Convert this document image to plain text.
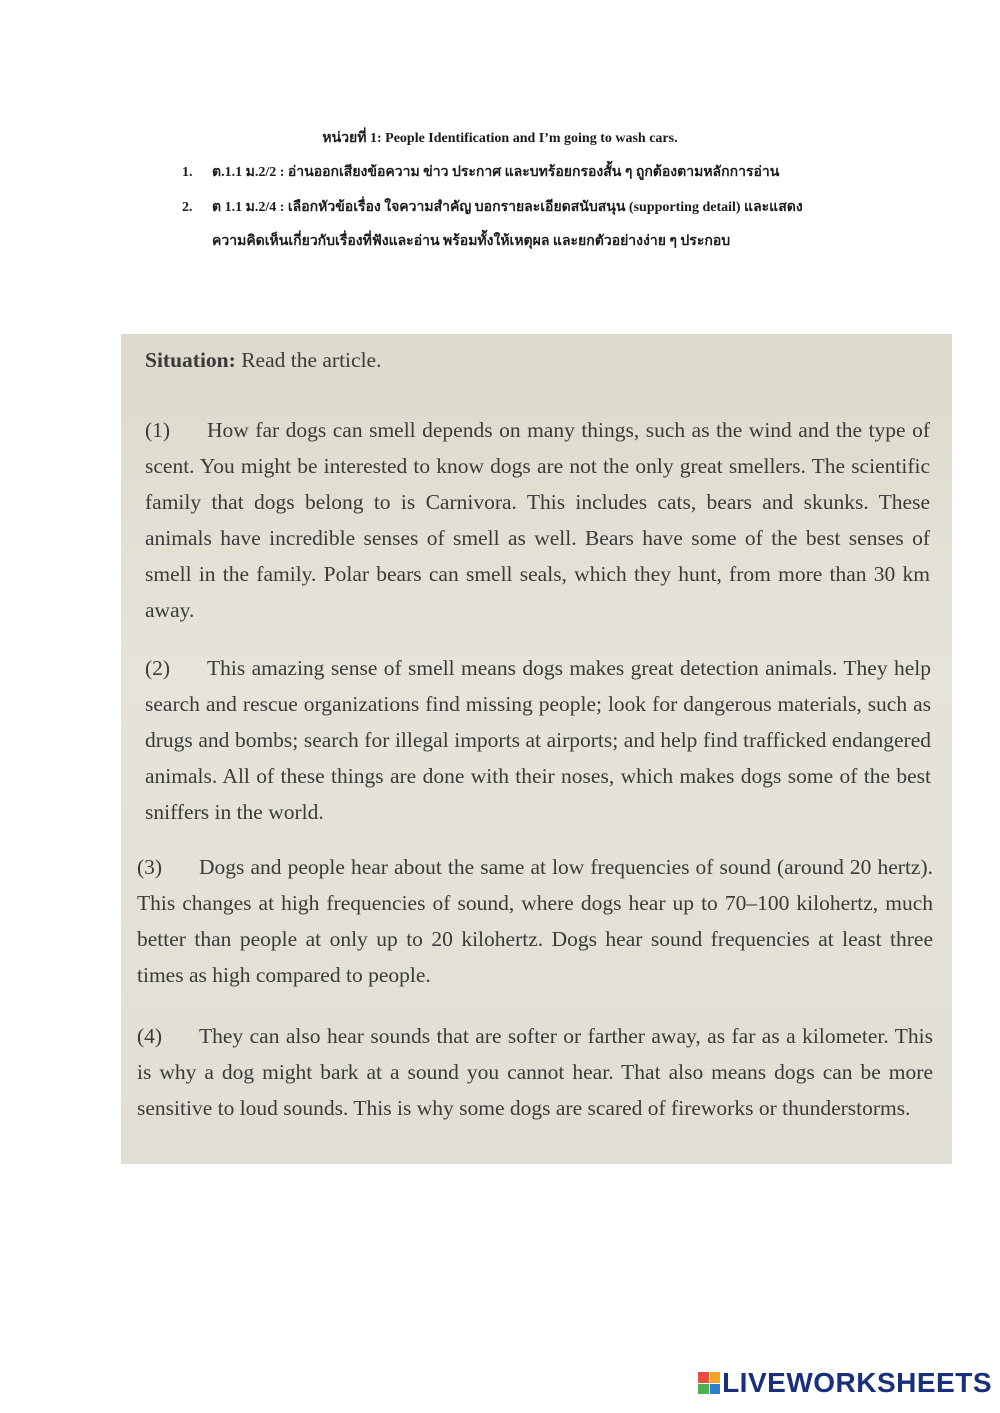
หน่วยที่ 1: People Identification and I’m going to wash cars.
1. ต.1.1 ม.2/2 : อ่านออกเสียงข้อความ ข่าว ประกาศ และบทร้อยกรองสั้น ๆ ถูกต้องตามหลักการอ่าน
2. ต 1.1 ม.2/4 : เลือกหัวข้อเรื่อง ใจความสำคัญ บอกรายละเอียดสนับสนุน (supporting detail) และแสดง
ความคิดเห็นเกี่ยวกับเรื่องที่ฟังและอ่าน พร้อมทั้งให้เหตุผล และยกตัวอย่างง่าย ๆ ประกอบ
Situation: Read the article.
(1) How far dogs can smell depends on many things, such as the wind and the type of scent. You might be interested to know dogs are not the only great smellers. The scientific family that dogs belong to is Carnivora. This includes cats, bears and skunks. These animals have incredible senses of smell as well. Bears have some of the best senses of smell in the family. Polar bears can smell seals, which they hunt, from more than 30 km away.
(2) This amazing sense of smell means dogs makes great detection animals. They help search and rescue organizations find missing people; look for dangerous materials, such as drugs and bombs; search for illegal imports at airports; and help find trafficked endangered animals. All of these things are done with their noses, which makes dogs some of the best sniffers in the world.
(3) Dogs and people hear about the same at low frequencies of sound (around 20 hertz). This changes at high frequencies of sound, where dogs hear up to 70–100 kilohertz, much better than people at only up to 20 kilohertz. Dogs hear sound frequencies at least three times as high compared to people.
(4) They can also hear sounds that are softer or farther away, as far as a kilometer. This is why a dog might bark at a sound you cannot hear. That also means dogs can be more sensitive to loud sounds. This is why some dogs are scared of fireworks or thunderstorms.
LIVEWORKSHEETS
